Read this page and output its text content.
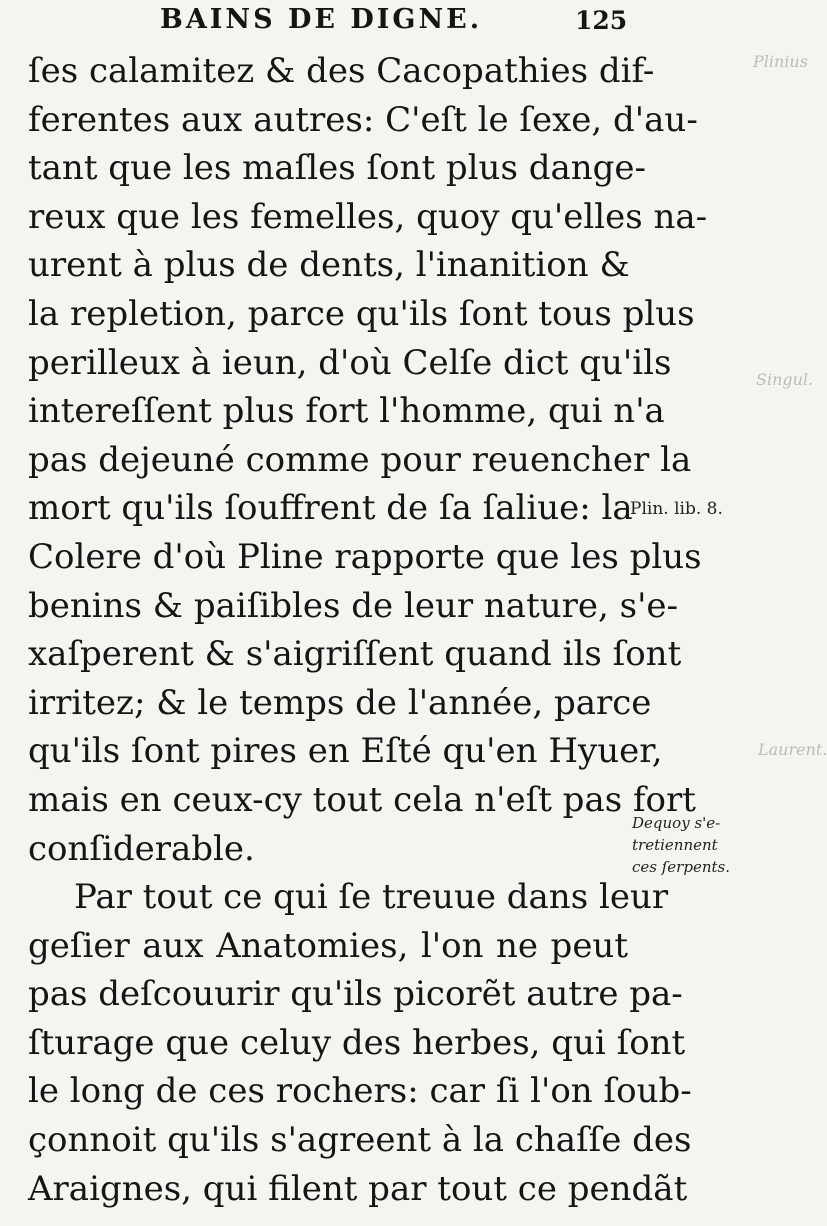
BAINS DE DIGNE.	125
ſes calamitez & des Cacopathies dif-
ferentes aux autres: C'eſt le ſexe, d'au-
tant que les maſles ſont plus dange-
reux que les femelles, quoy qu'elles na-
urent à plus de dents, l'inanition &
la repletion, parce qu'ils ſont tous plus
perilleux à ieun, d'où Celſe dict qu'ils
intereſſent plus fort l'homme, qui n'a
pas dejeuné comme pour reuencher la
mort qu'ils ſouffrent de ſa ſaliue: la
Colere d'où Pline rapporte que les plus
benins & paiſibles de leur nature, s'e-
xaſperent & s'aigriſſent quand ils ſont
irritez; & le temps de l'année, parce
qu'ils ſont pires en Eſté qu'en Hyuer,
mais en ceux-cy tout cela n'eſt pas fort
conſiderable.
Par tout ce qui ſe treuue dans leur
geſier aux Anatomies, l'on ne peut
pas deſcouurir qu'ils picorẽt autre pa-
ſturage que celuy des herbes, qui ſont
le long de ces rochers: car ſi l'on ſoub-
çonnoit qu'ils s'agreent à la chaſſe des
Araignes, qui filent par tout ce pendãt
Plin. lib. 8.
Dequoy s'e-
tretiennent
ces ſerpents.
Plinius
Singul.
Laurent.
